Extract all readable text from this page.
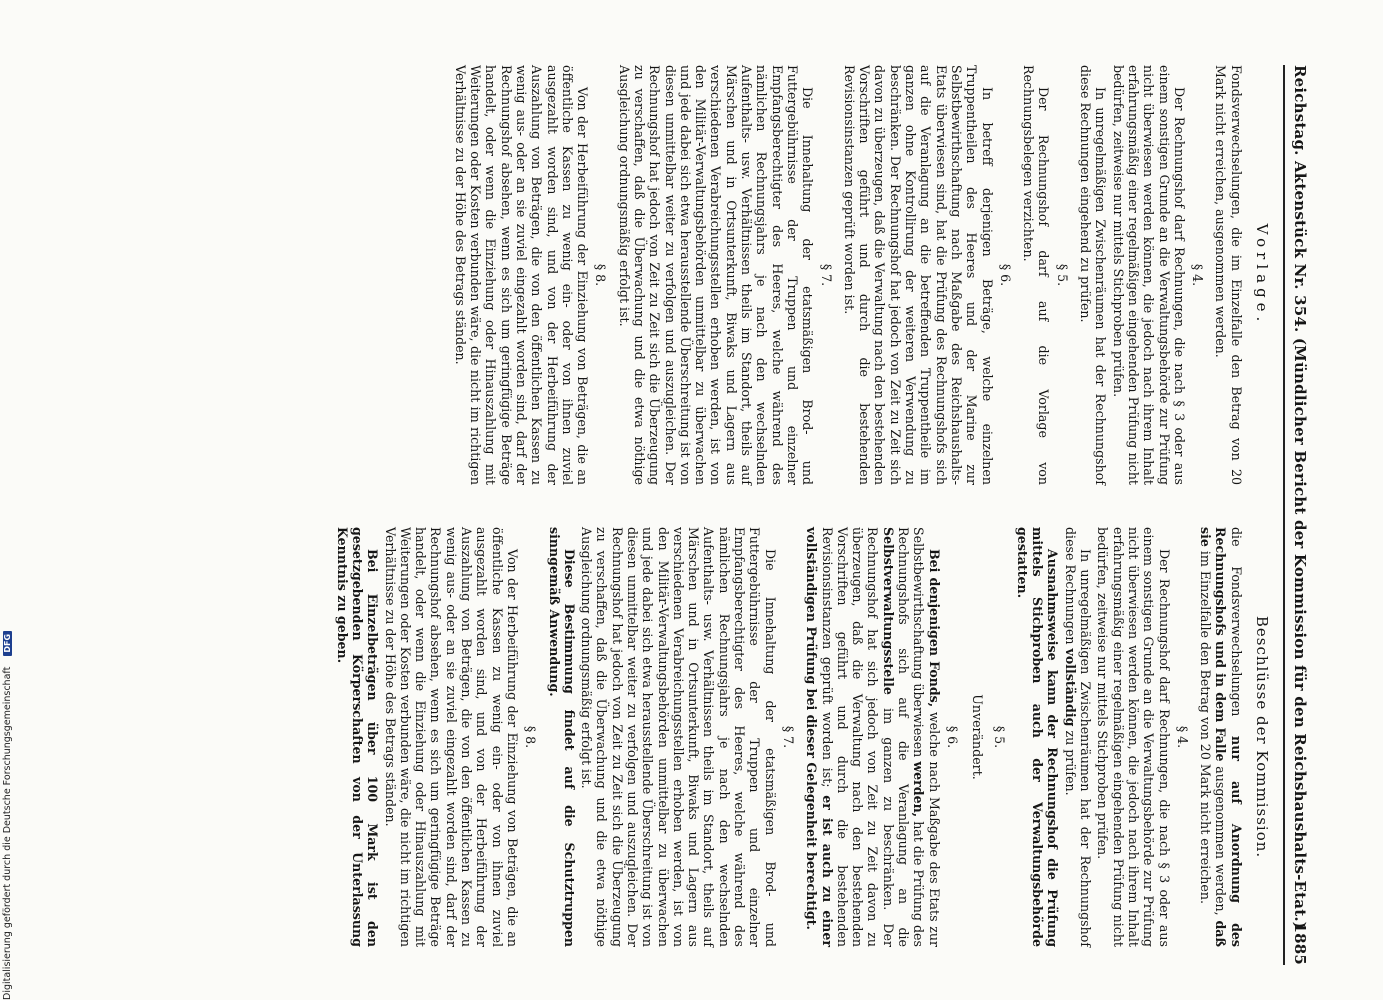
Reichstag. Aktenstück Nr. 354. (Mündlicher Bericht der Kommission für den Reichshaushalts-Etat.)
1885
Vorlage.

Fondsverwechselungen, die im Einzelfalle den Betrag von 20 Mark nicht erreichen, ausgenommen werden.

§ 4.

Der Rechnungshof darf Rechnungen, die nach § 3 oder aus einem sonstigen Grunde an die Verwaltungsbehörde zur Prüfung nicht überwiesen werden können, die jedoch nach ihrem Inhalt erfahrungsmäßig einer regelmäßigen eingehenden Prüfung nicht bedürfen, zeitweise nur mittels Stichproben prüfen.

In unregelmäßigen Zwischenräumen hat der Rechnungshof diese Rechnungen eingehend zu prüfen.

§ 5.

Der Rechnungshof darf auf die Vorlage von Rechnungsbelegen verzichten.

§ 6.

In betreff derjenigen Beträge, welche einzelnen Truppentheilen des Heeres und der Marine zur Selbstbewirthschaftung nach Maßgabe des Reichshaushalts-Etats überwiesen sind, hat die Prüfung des Rechnungshofs sich auf die Veranlagung an die betreffenden Truppentheile im ganzen ohne Kontrollirung der weiteren Verwendung zu beschränken. Der Rechnungshof hat jedoch von Zeit zu Zeit sich davon zu überzeugen, daß die Verwaltung nach den bestehenden Vorschriften geführt und durch die bestehenden Revisionsinstanzen geprüft worden ist.

§ 7.

Die Innehaltung der etatsmäßigen Brod- und Futtergebührnisse der Truppen und einzelner Empfangsberechtigter des Heeres, welche während des nämlichen Rechnungsjahrs je nach den wechselnden Aufenthalts- usw. Verhältnissen theils im Standort, theils auf Märschen und in Ortsunterkunft, Biwaks und Lagern aus verschiedenen Verabreichungsstellen erhoben werden, ist von den Militär-Verwaltungsbehörden unmittelbar zu überwachen und jede dabei sich etwa herausstellende Überschreitung ist von diesen unmittelbar weiter zu verfolgen und auszugleichen. Der Rechnungshof hat jedoch von Zeit zu Zeit sich die Überzeugung zu verschaffen, daß die Überwachung und die etwa nöthige Ausgleichung ordnungsmäßig erfolgt ist.

§ 8.

Von der Herbeiführung der Einziehung von Beträgen, die an öffentliche Kassen zu wenig ein- oder von ihnen zuviel ausgezahlt worden sind, und von der Herbeiführung der Auszahlung von Beträgen, die von den öffentlichen Kassen zu wenig aus- oder an sie zuviel eingezahlt worden sind, darf der Rechnungshof absehen, wenn es sich um geringfügige Beträge handelt, oder wenn die Einziehung oder Hinauszahlung mit Weiterungen oder Kosten verbunden wäre, die nicht im richtigen Verhältnisse zu der Höhe des Betrags ständen.

Beschlüsse der Kommission.

die Fondsverwechselungen nur auf Anordnung des Rechnungshofs und in dem Falle ausgenommen werden, daß sie im Einzelfalle den Betrag von 20 Mark nicht erreichen.

§ 4.

Der Rechnungshof darf Rechnungen, die nach § 3 oder aus einem sonstigen Grunde an die Verwaltungsbehörde zur Prüfung nicht überwiesen werden können, die jedoch nach ihrem Inhalt erfahrungsmäßig einer regelmäßigen eingehenden Prüfung nicht bedürfen, zeitweise nur mittels Stichproben prüfen.

In unregelmäßigen Zwischenräumen hat der Rechnungshof diese Rechnungen vollständig zu prüfen.

Ausnahmsweise kann der Rechnungshof die Prüfung mittels Stichproben auch der Verwaltungsbehörde gestatten.

§ 5.
Unverändert.
§ 6.

Bei denjenigen Fonds, welche nach Maßgabe des Etats zur Selbstbewirthschaftung überwiesen werden, hat die Prüfung des Rechnungshofs sich auf die Veranlagung an die Selbstverwaltungsstelle im ganzen zu beschränken. Der Rechnungshof hat sich jedoch von Zeit zu Zeit davon zu überzeugen, daß die Verwaltung nach den bestehenden Vorschriften geführt und durch die bestehenden Revisionsinstanzen geprüft worden ist; er ist auch zu einer vollständigen Prüfung bei dieser Gelegenheit berechtigt.

§ 7.

Die Innehaltung der etatsmäßigen Brod- und Futtergebührnisse der Truppen und einzelner Empfangsberechtigter des Heeres, welche während des nämlichen Rechnungsjahrs je nach den wechselnden Aufenthalts- usw. Verhältnissen theils im Standort, theils auf Märschen und in Ortsunterkunft, Biwaks und Lagern aus verschiedenen Verabreichungsstellen erhoben werden, ist von den Militär-Verwaltungsbehörden unmittelbar zu überwachen und jede dabei sich etwa herausstellende Überschreitung ist von diesen unmittelbar weiter zu verfolgen und auszugleichen. Der Rechnungshof hat jedoch von Zeit zu Zeit sich die Überzeugung zu verschaffen, daß die Überwachung und die etwa nöthige Ausgleichung ordnungsmäßig erfolgt ist.

Diese Bestimmung findet auf die Schutztruppen sinngemäß Anwendung.

§ 8.

Von der Herbeiführung der Einziehung von Beträgen, die an öffentliche Kassen zu wenig ein- oder von ihnen zuviel ausgezahlt worden sind, und von der Herbeiführung der Auszahlung von Beträgen, die von den öffentlichen Kassen zu wenig aus- oder an sie zuviel eingezahlt worden sind, darf der Rechnungshof absehen, wenn es sich um geringfügige Beträge handelt, oder wenn die Einziehung oder Hinauszahlung mit Weiterungen oder Kosten verbunden wäre, die nicht im richtigen Verhältnisse zu der Höhe des Betrags ständen.

Bei Einzelbeträgen über 100 Mark ist den gesetzgebenden Körperschaften von der Unterlassung Kenntnis zu geben.

Digitalisierung gefördert durch die Deutsche Forschungsgemeinschaft DFG
